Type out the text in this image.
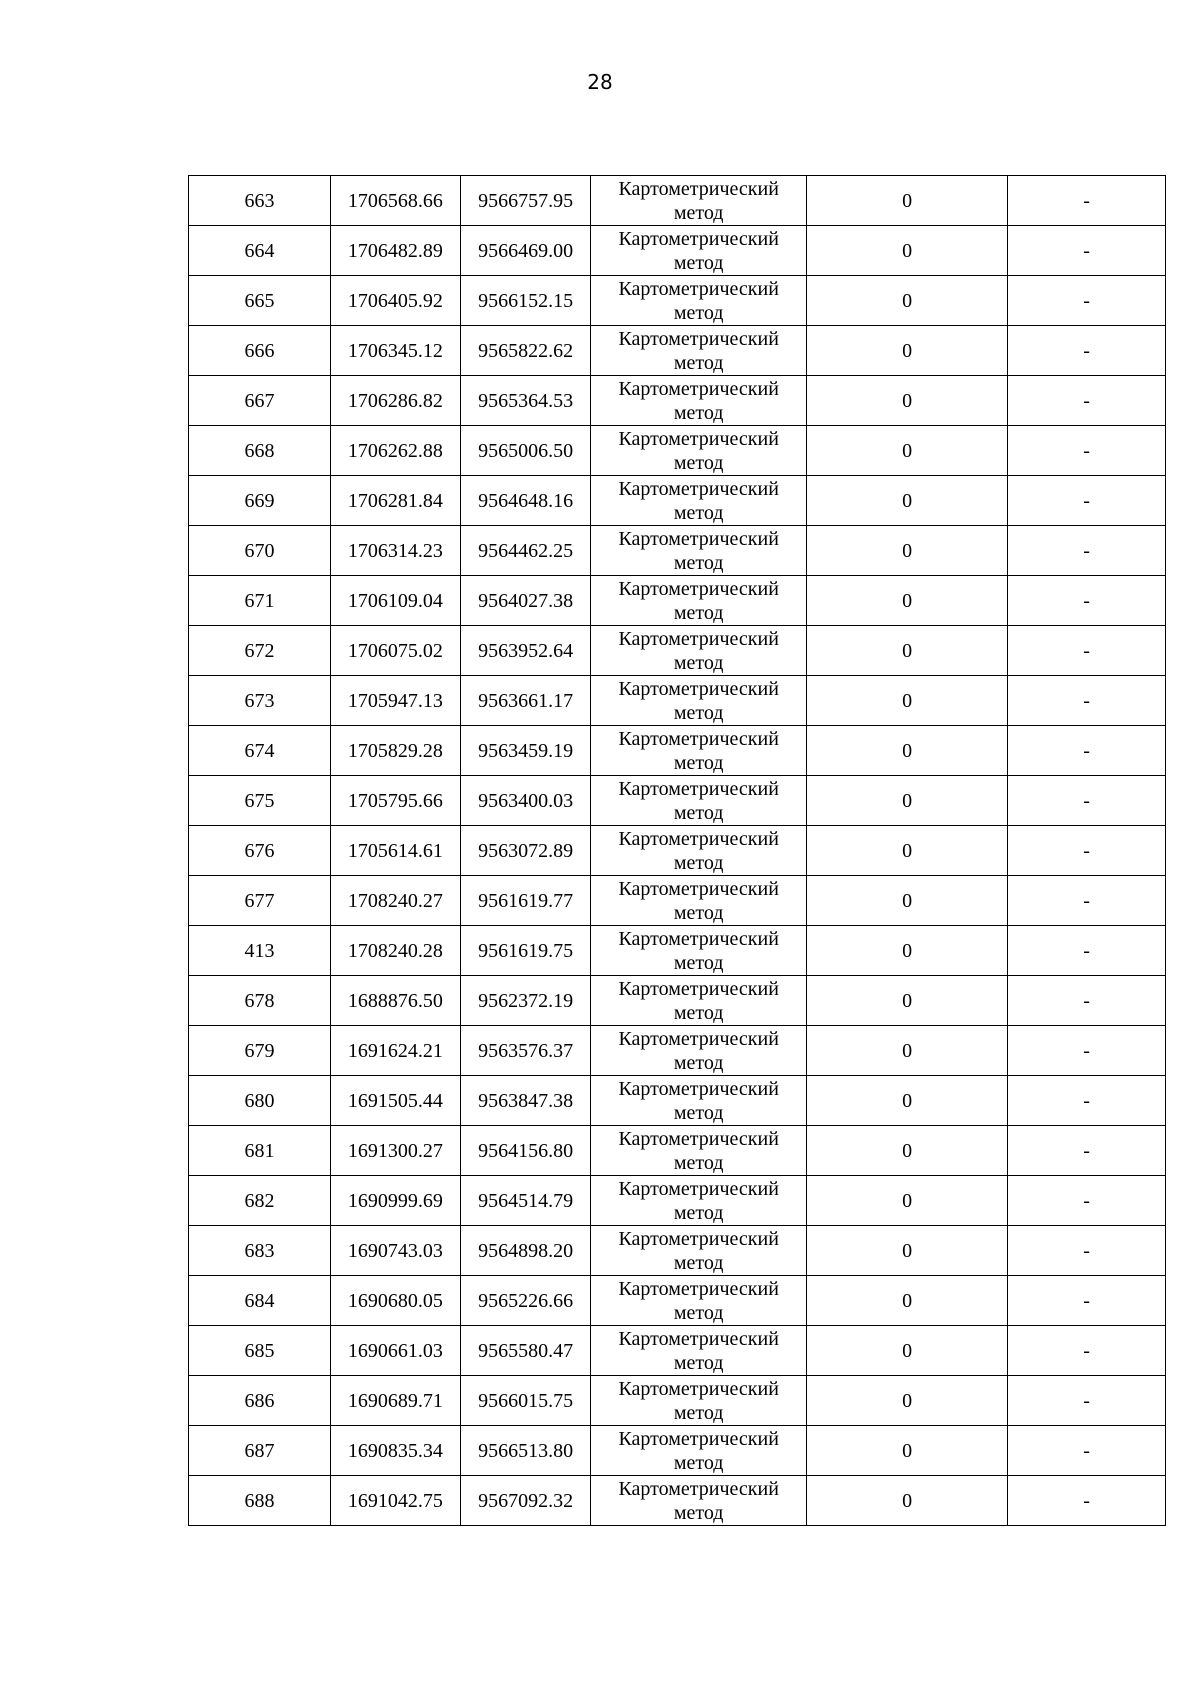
28
663	1706568.66	9566757.95	Картометрический метод	0	-
664	1706482.89	9566469.00	Картометрический метод	0	-
665	1706405.92	9566152.15	Картометрический метод	0	-
666	1706345.12	9565822.62	Картометрический метод	0	-
667	1706286.82	9565364.53	Картометрический метод	0	-
668	1706262.88	9565006.50	Картометрический метод	0	-
669	1706281.84	9564648.16	Картометрический метод	0	-
670	1706314.23	9564462.25	Картометрический метод	0	-
671	1706109.04	9564027.38	Картометрический метод	0	-
672	1706075.02	9563952.64	Картометрический метод	0	-
673	1705947.13	9563661.17	Картометрический метод	0	-
674	1705829.28	9563459.19	Картометрический метод	0	-
675	1705795.66	9563400.03	Картометрический метод	0	-
676	1705614.61	9563072.89	Картометрический метод	0	-
677	1708240.27	9561619.77	Картометрический метод	0	-
413	1708240.28	9561619.75	Картометрический метод	0	-
678	1688876.50	9562372.19	Картометрический метод	0	-
679	1691624.21	9563576.37	Картометрический метод	0	-
680	1691505.44	9563847.38	Картометрический метод	0	-
681	1691300.27	9564156.80	Картометрический метод	0	-
682	1690999.69	9564514.79	Картометрический метод	0	-
683	1690743.03	9564898.20	Картометрический метод	0	-
684	1690680.05	9565226.66	Картометрический метод	0	-
685	1690661.03	9565580.47	Картометрический метод	0	-
686	1690689.71	9566015.75	Картометрический метод	0	-
687	1690835.34	9566513.80	Картометрический метод	0	-
688	1691042.75	9567092.32	Картометрический метод	0	-
